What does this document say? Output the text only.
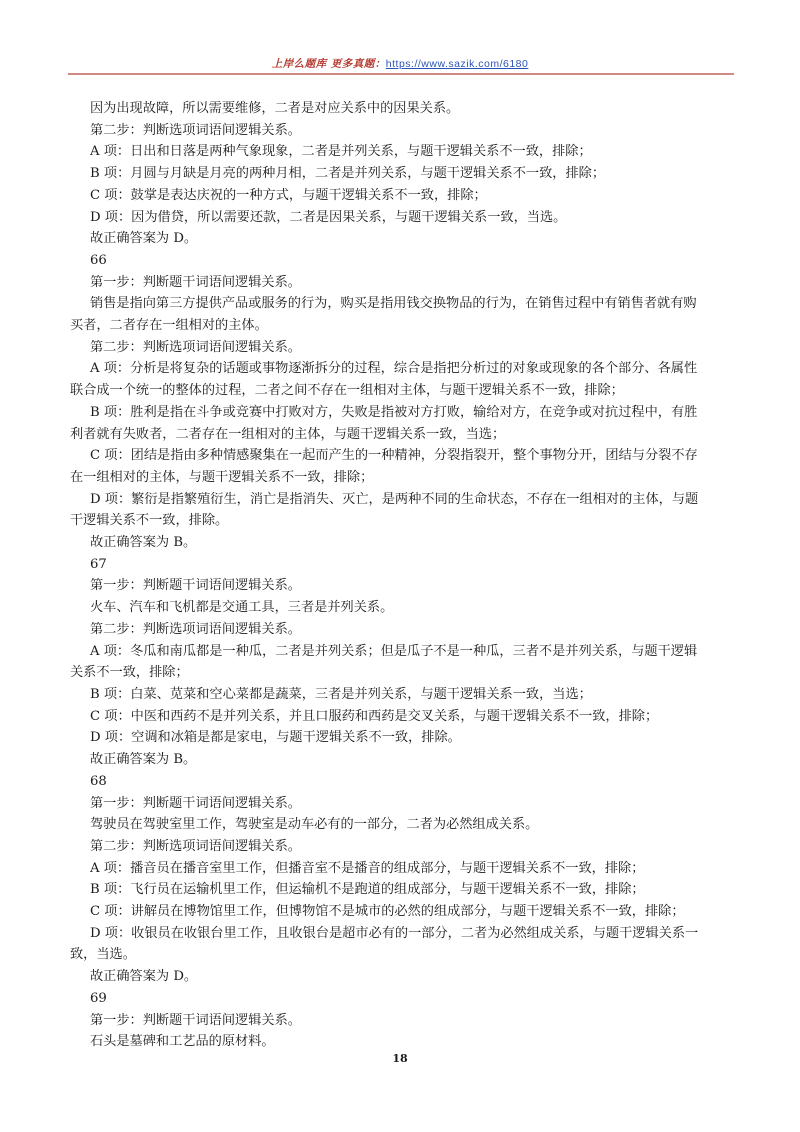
上岸么题库 更多真题：https://www.sazik.com/6180
因为出现故障，所以需要维修，二者是对应关系中的因果关系。
第二步：判断选项词语间逻辑关系。
A 项：日出和日落是两种气象现象，二者是并列关系，与题干逻辑关系不一致，排除；
B 项：月圆与月缺是月亮的两种月相，二者是并列关系，与题干逻辑关系不一致，排除；
C 项：鼓掌是表达庆祝的一种方式，与题干逻辑关系不一致，排除；
D 项：因为借贷，所以需要还款，二者是因果关系，与题干逻辑关系一致，当选。
故正确答案为 D。
66
第一步：判断题干词语间逻辑关系。
销售是指向第三方提供产品或服务的行为，购买是指用钱交换物品的行为，在销售过程中有销售者就有购
买者，二者存在一组相对的主体。
第二步：判断选项词语间逻辑关系。
A 项：分析是将复杂的话题或事物逐渐拆分的过程，综合是指把分析过的对象或现象的各个部分、各属性
联合成一个统一的整体的过程，二者之间不存在一组相对主体，与题干逻辑关系不一致，排除；
B 项：胜利是指在斗争或竞赛中打败对方，失败是指被对方打败，输给对方，在竞争或对抗过程中，有胜
利者就有失败者，二者存在一组相对的主体，与题干逻辑关系一致，当选；
C 项：团结是指由多种情感聚集在一起而产生的一种精神，分裂指裂开，整个事物分开，团结与分裂不存
在一组相对的主体，与题干逻辑关系不一致，排除；
D 项：繁衍是指繁殖衍生，消亡是指消失、灭亡，是两种不同的生命状态，不存在一组相对的主体，与题
干逻辑关系不一致，排除。
故正确答案为 B。
67
第一步：判断题干词语间逻辑关系。
火车、汽车和飞机都是交通工具，三者是并列关系。
第二步：判断选项词语间逻辑关系。
A 项：冬瓜和南瓜都是一种瓜，二者是并列关系；但是瓜子不是一种瓜，三者不是并列关系，与题干逻辑
关系不一致，排除；
B 项：白菜、苋菜和空心菜都是蔬菜，三者是并列关系，与题干逻辑关系一致，当选；
C 项：中医和西药不是并列关系，并且口服药和西药是交叉关系，与题干逻辑关系不一致，排除；
D 项：空调和冰箱是都是家电，与题干逻辑关系不一致，排除。
故正确答案为 B。
68
第一步：判断题干词语间逻辑关系。
驾驶员在驾驶室里工作，驾驶室是动车必有的一部分，二者为必然组成关系。
第二步：判断选项词语间逻辑关系。
A 项：播音员在播音室里工作，但播音室不是播音的组成部分，与题干逻辑关系不一致，排除；
B 项：飞行员在运输机里工作，但运输机不是跑道的组成部分，与题干逻辑关系不一致，排除；
C 项：讲解员在博物馆里工作，但博物馆不是城市的必然的组成部分，与题干逻辑关系不一致，排除；
D 项：收银员在收银台里工作，且收银台是超市必有的一部分，二者为必然组成关系，与题干逻辑关系一
致，当选。
故正确答案为 D。
69
第一步：判断题干词语间逻辑关系。
石头是墓碑和工艺品的原材料。
18
